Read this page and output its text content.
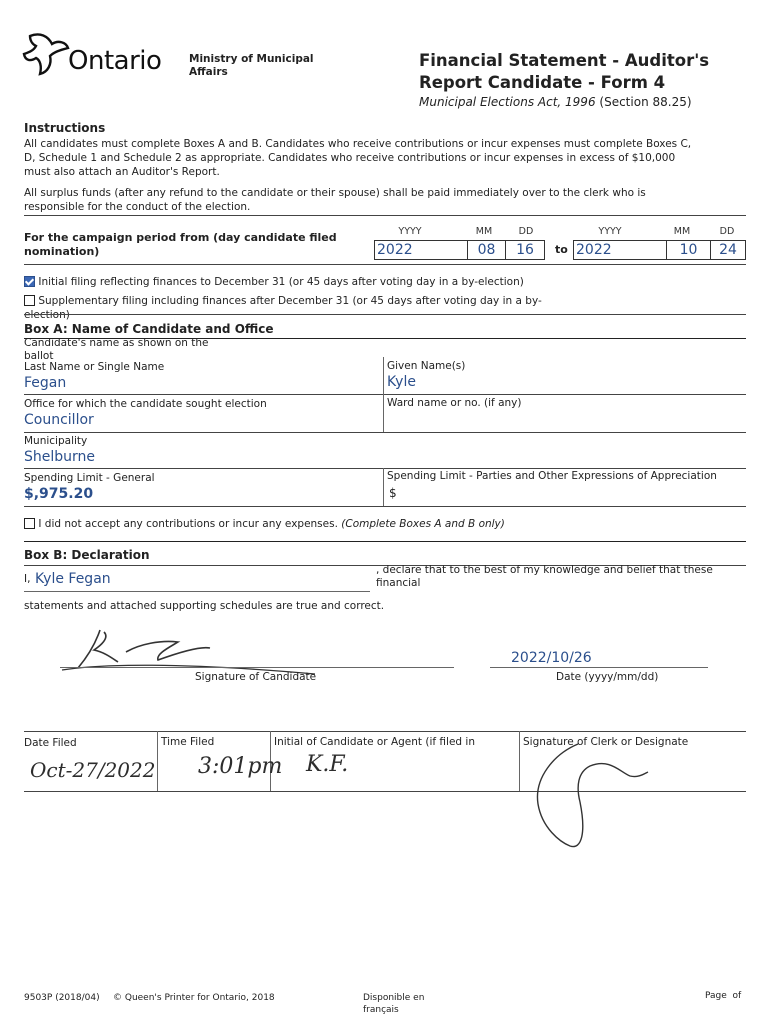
Ontario	Ministry of Municipal
Affairs
Financial Statement - Auditor's
Report Candidate - Form 4
Municipal Elections Act, 1996 (Section 88.25)
Instructions
All candidates must complete Boxes A and B. Candidates who receive contributions or incur expenses must complete Boxes C, D, Schedule 1 and Schedule 2 as appropriate. Candidates who receive contributions or incur expenses in excess of $10,000 must also attach an Auditor's Report.
All surplus funds (after any refund to the candidate or their spouse) shall be paid immediately over to the clerk who is responsible for the conduct of the election.
For the campaign period from (day candidate filed nomination)
YYYY	MM	DD	YYYY	MM	DD
2022	08	16	to 2022	10	24
Initial filing reflecting finances to December 31 (or 45 days after voting day in a by-election)
Supplementary filing including finances after December 31 (or 45 days after voting day in a by-election)
Box A: Name of Candidate and Office
Candidate's name as shown on the ballot
Last Name or Single Name
Fegan
Given Name(s)
Kyle
Office for which the candidate sought election
Councillor
Ward name or no. (if any)
Municipality
Shelburne
Spending Limit - General
$,975.20
Spending Limit - Parties and Other Expressions of Appreciation
$
I did not accept any contributions or incur any expenses. (Complete Boxes A and B only)
Box B: Declaration
I, Kyle Fegan
, declare that to the best of my knowledge and belief that these financial
statements and attached supporting schedules are true and correct.
Signature of Candidate
2022/10/26
Date (yyyy/mm/dd)
Date Filed
Oct-27/2022
Time Filed
3:01pm
Initial of Candidate or Agent (if filed in
K.F.
Signature of Clerk or Designate
9503P (2018/04) © Queen's Printer for Ontario, 2018	Disponible en
français
Page  of
